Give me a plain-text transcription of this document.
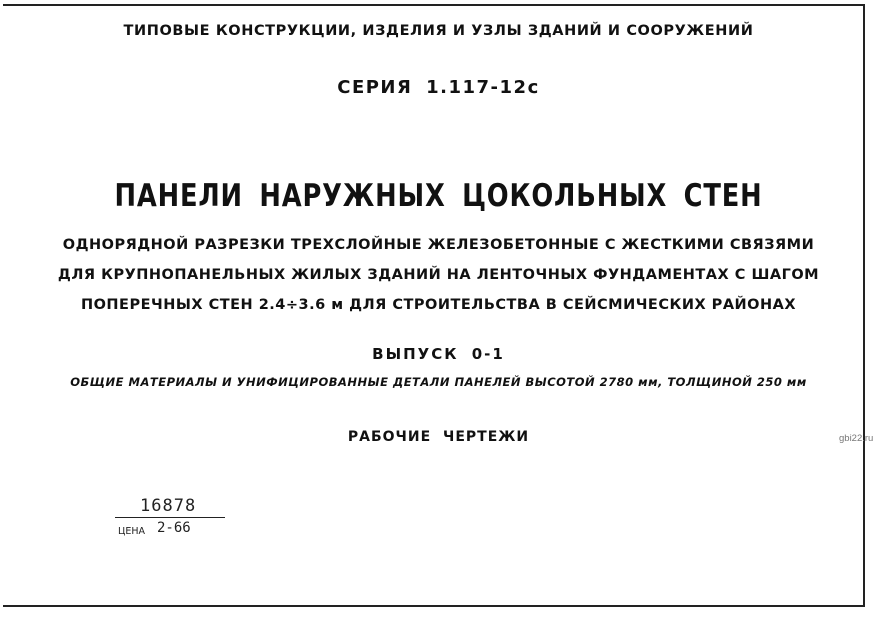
ТИПОВЫЕ КОНСТРУКЦИИ, ИЗДЕЛИЯ И УЗЛЫ ЗДАНИЙ И СООРУЖЕНИЙ
СЕРИЯ 1.117-12с
ПАНЕЛИ НАРУЖНЫХ ЦОКОЛЬНЫХ СТЕН
ОДНОРЯДНОЙ РАЗРЕЗКИ ТРЕХСЛОЙНЫЕ ЖЕЛЕЗОБЕТОННЫЕ С ЖЕСТКИМИ СВЯЗЯМИ
ДЛЯ КРУПНОПАНЕЛЬНЫХ ЖИЛЫХ ЗДАНИЙ НА ЛЕНТОЧНЫХ ФУНДАМЕНТАХ С ШАГОМ
ПОПЕРЕЧНЫХ СТЕН 2.4÷3.6 м ДЛЯ СТРОИТЕЛЬСТВА В СЕЙСМИЧЕСКИХ РАЙОНАХ
ВЫПУСК 0-1
ОБЩИЕ МАТЕРИАЛЫ И УНИФИЦИРОВАННЫЕ ДЕТАЛИ ПАНЕЛЕЙ ВЫСОТОЙ 2780 мм, ТОЛЩИНОЙ 250 мм
РАБОЧИЕ ЧЕРТЕЖИ
16878
ЦЕНА 2-66
gbi22.ru
